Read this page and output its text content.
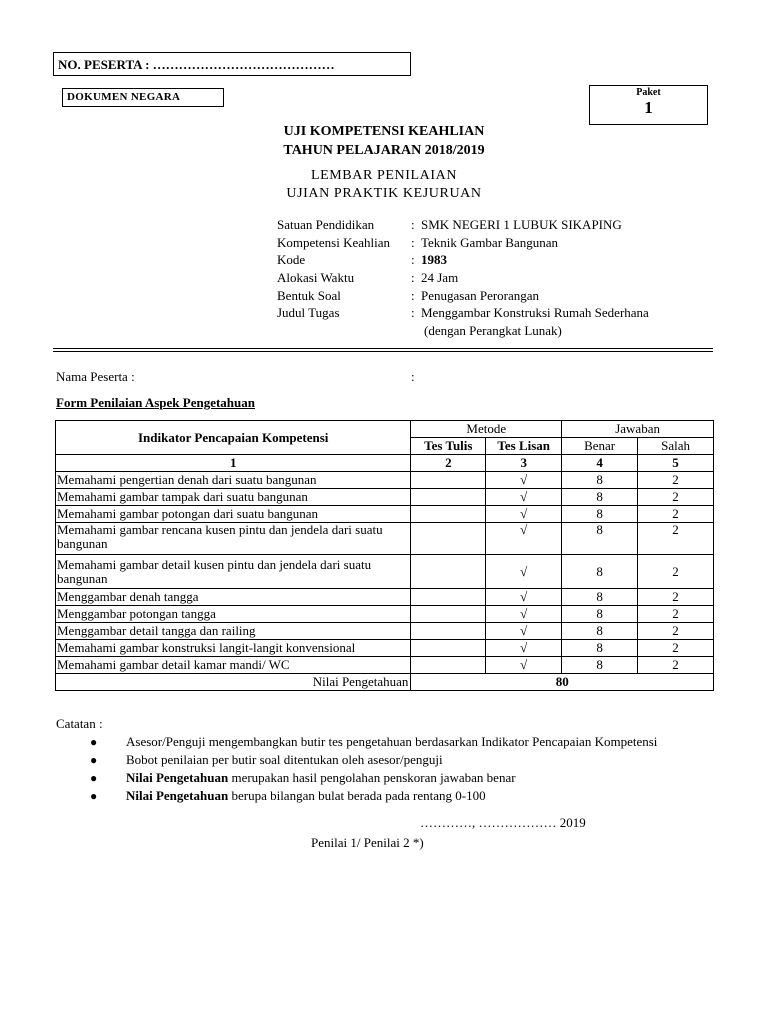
NO. PESERTA : ……………………………………
DOKUMEN NEGARA	Paket
1
UJI KOMPETENSI KEAHLIAN
TAHUN PELAJARAN 2018/2019
LEMBAR PENILAIAN
UJIAN PRAKTIK KEJURUAN
Satuan Pendidikan	: SMK NEGERI 1 LUBUK SIKAPING
Kompetensi Keahlian	: Teknik Gambar Bangunan
Kode	: 1983
Alokasi Waktu	: 24 Jam
Bentuk Soal	: Penugasan Perorangan
Judul Tugas	: Menggambar Konstruksi Rumah Sederhana
(dengan Perangkat Lunak)
Nama Peserta :	:
Form Penilaian Aspek Pengetahuan
Indikator Pencapaian Kompetensi	Metode		Jawaban	
	Tes Tulis	Tes Lisan	Benar	Salah
1	2	3	4	5
Memahami pengertian denah dari suatu bangunan		√	8	2
Memahami gambar tampak dari suatu bangunan		√	8	2
Memahami gambar potongan dari suatu bangunan		√	8	2
Memahami gambar rencana kusen pintu dan jendela dari suatu bangunan		√	8	2
Memahami gambar detail kusen pintu dan jendela dari suatu bangunan		√	8	2
Menggambar denah tangga		√	8	2
Menggambar potongan tangga		√	8	2
Menggambar detail tangga dan railing		√	8	2
Memahami gambar konstruksi langit-langit konvensional		√	8	2
Memahami gambar detail kamar mandi/ WC		√	8	2
Nilai Pengetahuan	80			
Catatan :
●	Asesor/Penguji mengembangkan butir tes pengetahuan berdasarkan Indikator Pencapaian Kompetensi
●	Bobot penilaian per butir soal ditentukan oleh asesor/penguji
●	Nilai Pengetahuan merupakan hasil pengolahan penskoran jawaban benar
●	Nilai Pengetahuan berupa bilangan bulat berada pada rentang 0-100
…………, ……………… 2019
Penilai 1/ Penilai 2 *)
